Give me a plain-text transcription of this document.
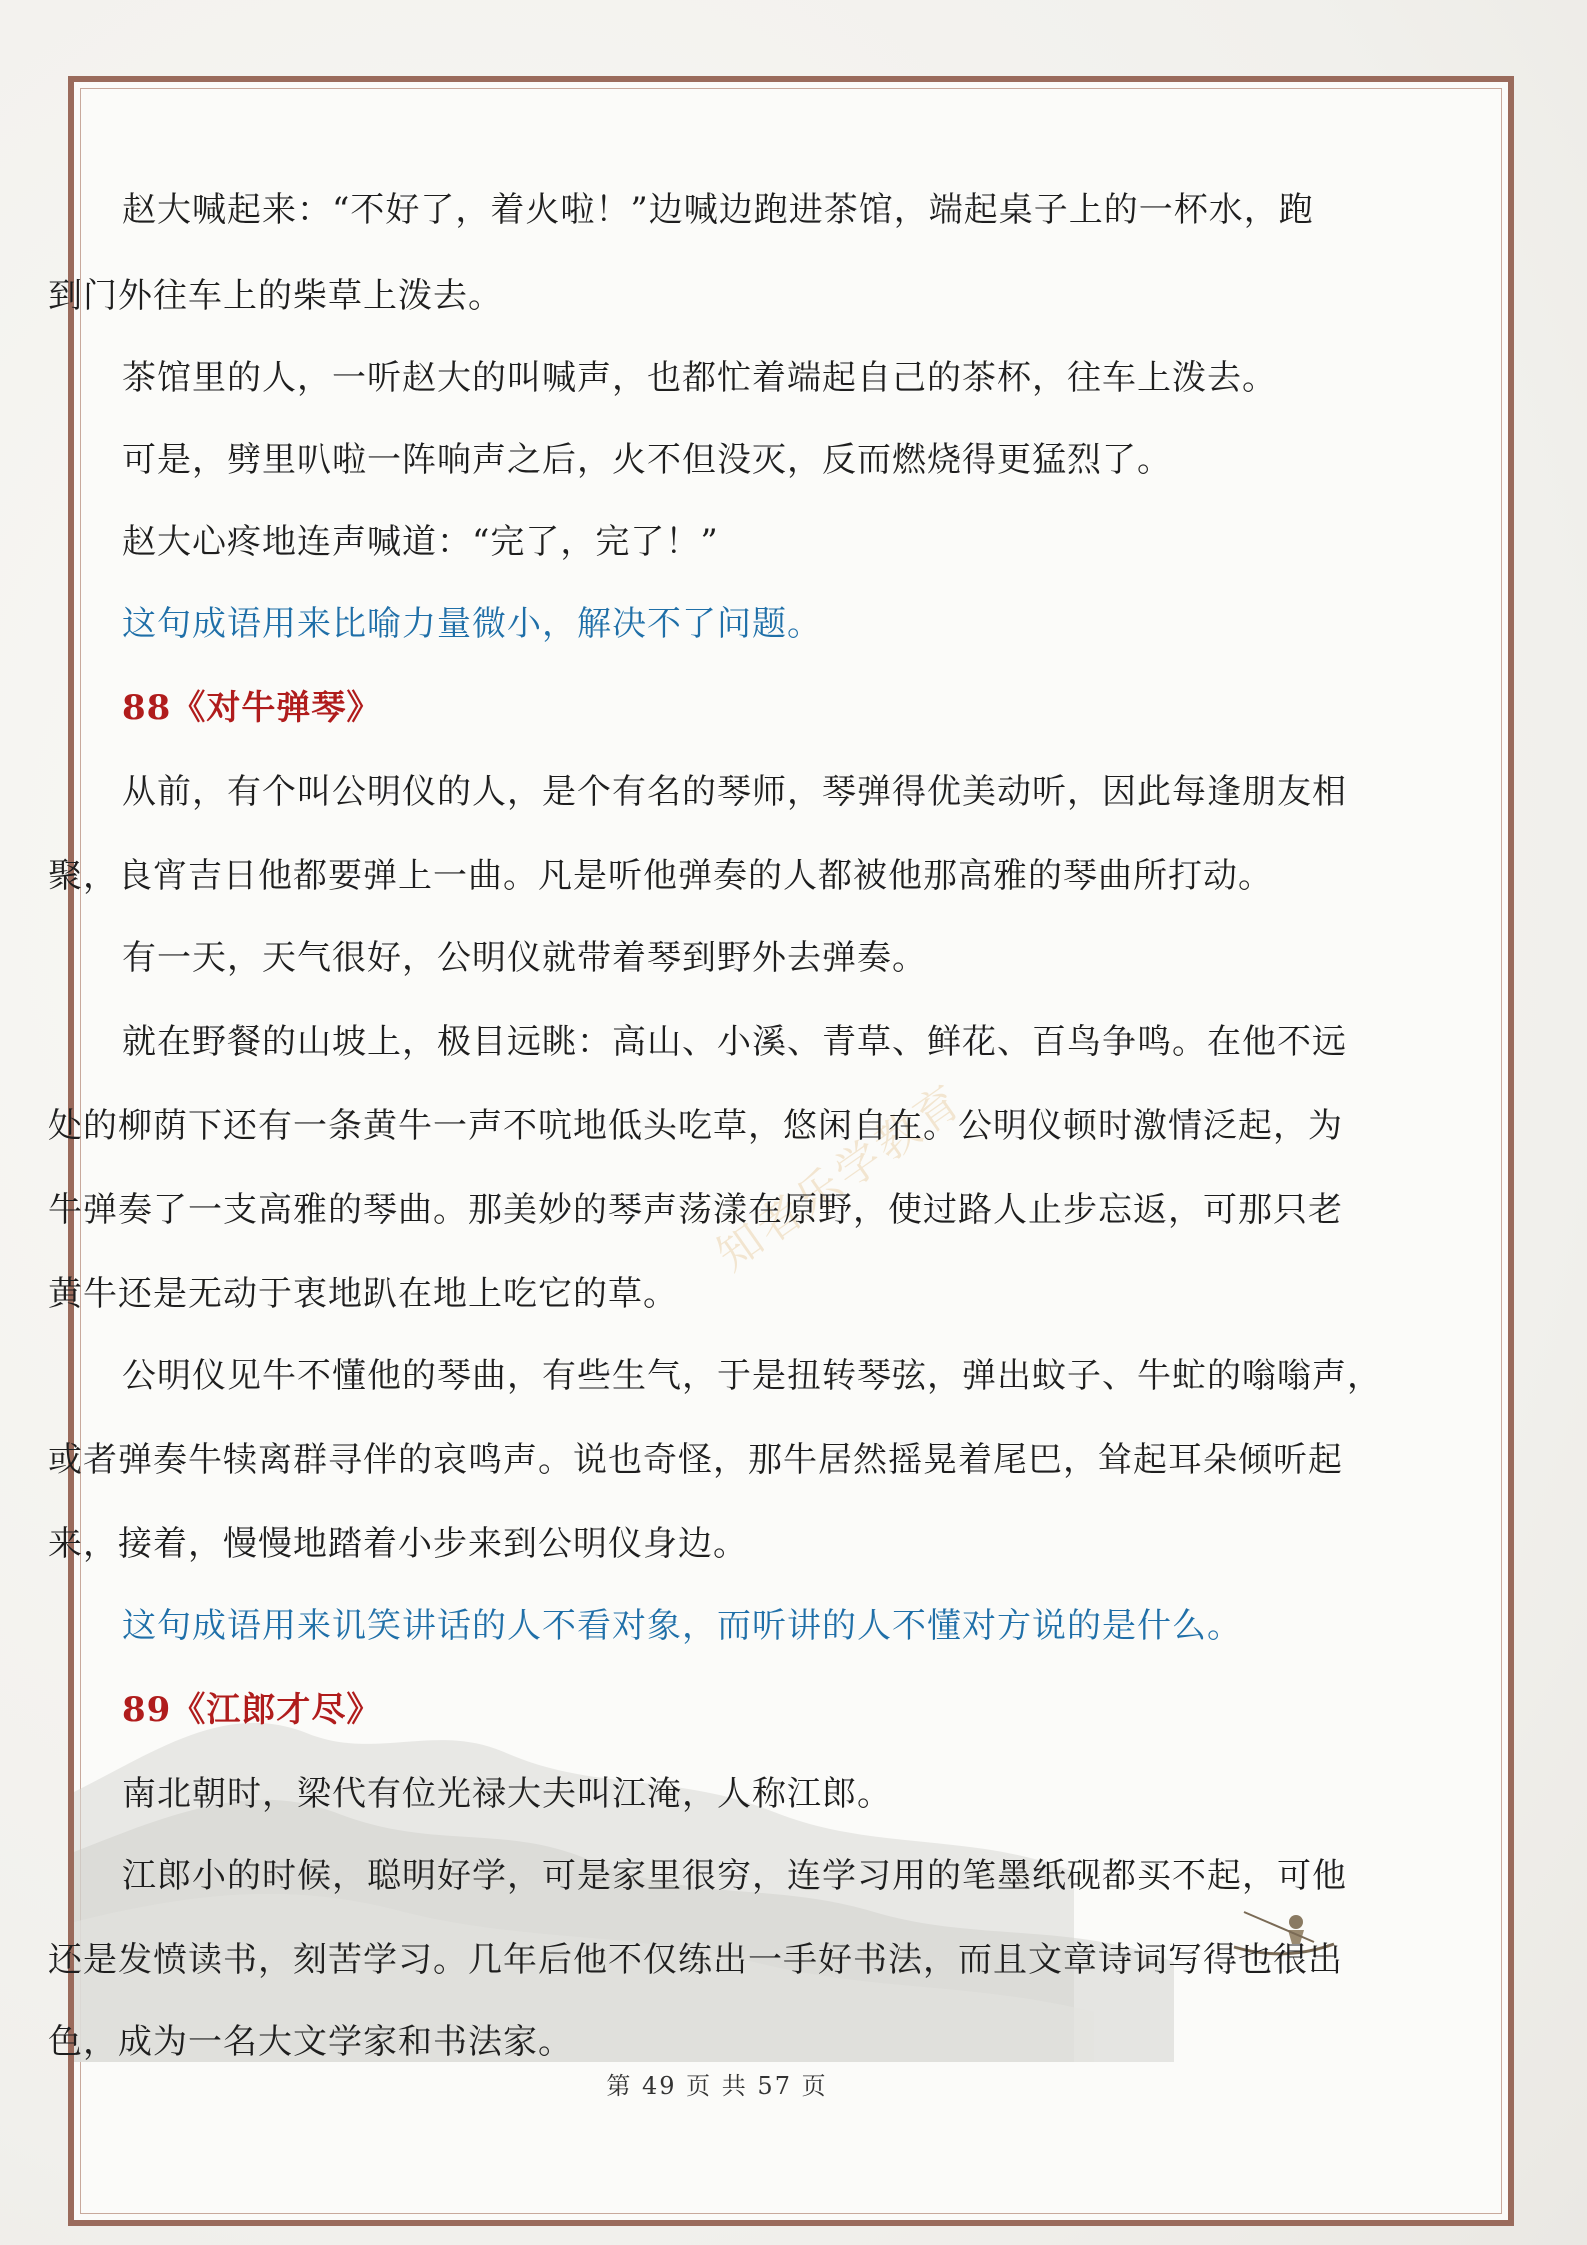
知者乐学教育
赵大喊起来：“不好了，着火啦！”边喊边跑进茶馆，端起桌子上的一杯水，跑
到门外往车上的柴草上泼去。
茶馆里的人，一听赵大的叫喊声，也都忙着端起自己的茶杯，往车上泼去。
可是，劈里叭啦一阵响声之后，火不但没灭，反而燃烧得更猛烈了。
赵大心疼地连声喊道：“完了，完了！”
这句成语用来比喻力量微小，解决不了问题。
88《对牛弹琴》
从前，有个叫公明仪的人，是个有名的琴师，琴弹得优美动听，因此每逢朋友相
聚，良宵吉日他都要弹上一曲。凡是听他弹奏的人都被他那高雅的琴曲所打动。
有一天，天气很好，公明仪就带着琴到野外去弹奏。
就在野餐的山坡上，极目远眺：高山、小溪、青草、鲜花、百鸟争鸣。在他不远
处的柳荫下还有一条黄牛一声不吭地低头吃草，悠闲自在。公明仪顿时激情泛起，为
牛弹奏了一支高雅的琴曲。那美妙的琴声荡漾在原野，使过路人止步忘返，可那只老
黄牛还是无动于衷地趴在地上吃它的草。
公明仪见牛不懂他的琴曲，有些生气，于是扭转琴弦，弹出蚊子、牛虻的嗡嗡声，
或者弹奏牛犊离群寻伴的哀鸣声。说也奇怪，那牛居然摇晃着尾巴，耸起耳朵倾听起
来，接着，慢慢地踏着小步来到公明仪身边。
这句成语用来讥笑讲话的人不看对象，而听讲的人不懂对方说的是什么。
89《江郎才尽》
南北朝时，梁代有位光禄大夫叫江淹，人称江郎。
江郎小的时候，聪明好学，可是家里很穷，连学习用的笔墨纸砚都买不起，可他
还是发愤读书，刻苦学习。几年后他不仅练出一手好书法，而且文章诗词写得也很出
色，成为一名大文学家和书法家。
第 49 页 共 57 页
